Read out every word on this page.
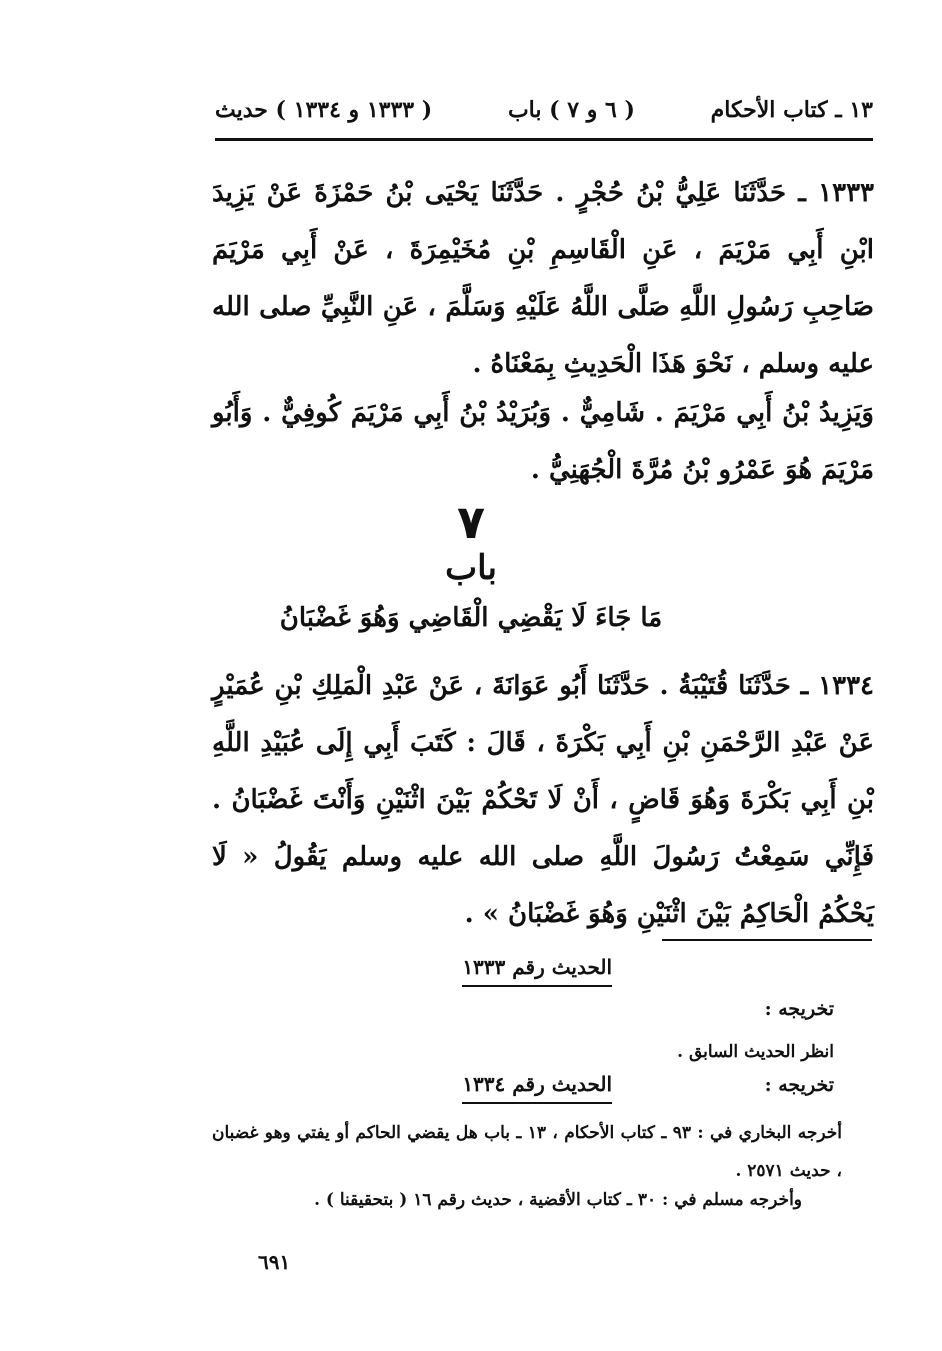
١٣ ـ كتاب الأحكام
( ٦ و ٧ ) باب
( ١٣٣٣ و ١٣٣٤ ) حديث

١٣٣٣ ـ حَدَّثَنَا عَلِيُّ بْنُ حُجْرٍ . حَدَّثَنَا يَحْيَى بْنُ حَمْزَةَ عَنْ يَزِيدَ ابْنِ أَبِي مَرْيَمَ ، عَنِ الْقَاسِمِ بْنِ مُخَيْمِرَةَ ، عَنْ أَبِي مَرْيَمَ صَاحِبِ رَسُولِ اللَّهِ صَلَّى اللَّهُ عَلَيْهِ وَسَلَّمَ ، عَنِ النَّبِيِّ صلى الله عليه وسلم ، نَحْوَ هَذَا الْحَدِيثِ بِمَعْنَاهُ .

وَيَزِيدُ بْنُ أَبِي مَرْيَمَ . شَامِيٌّ . وَبُرَيْدُ بْنُ أَبِي مَرْيَمَ كُوفِيٌّ . وَأَبُو مَرْيَمَ هُوَ عَمْرُو بْنُ مُرَّةَ الْجُهَنِيُّ .

٧
باب
مَا جَاءَ لَا يَقْضِي الْقَاضِي وَهُوَ غَضْبَانُ

١٣٣٤ ـ حَدَّثَنَا قُتَيْبَةُ . حَدَّثَنَا أَبُو عَوَانَةَ ، عَنْ عَبْدِ الْمَلِكِ بْنِ عُمَيْرٍ عَنْ عَبْدِ الرَّحْمَنِ بْنِ أَبِي بَكْرَةَ ، قَالَ : كَتَبَ أَبِي إِلَى عُبَيْدِ اللَّهِ بْنِ أَبِي بَكْرَةَ وَهُوَ قَاضٍ ، أَنْ لَا تَحْكُمْ بَيْنَ اثْنَيْنِ وَأَنْتَ غَضْبَانُ . فَإِنِّي سَمِعْتُ رَسُولَ اللَّهِ صلى الله عليه وسلم يَقُولُ « لَا يَحْكُمُ الْحَاكِمُ بَيْنَ اثْنَيْنِ وَهُوَ غَضْبَانُ » .

الحديث رقم ١٣٣٣
تخريجه :
انظر الحديث السابق .
الحديث رقم ١٣٣٤	تخريجه :
أخرجه البخاري في : ٩٣ ـ كتاب الأحكام ، ١٣ ـ باب هل يقضي الحاكم أو يفتي وهو غضبان ، حديث ٢٥٧١ .
وأخرجه مسلم في : ٣٠ ـ كتاب الأقضية ، حديث رقم ١٦ ( بتحقيقنا ) .
٦٩١
